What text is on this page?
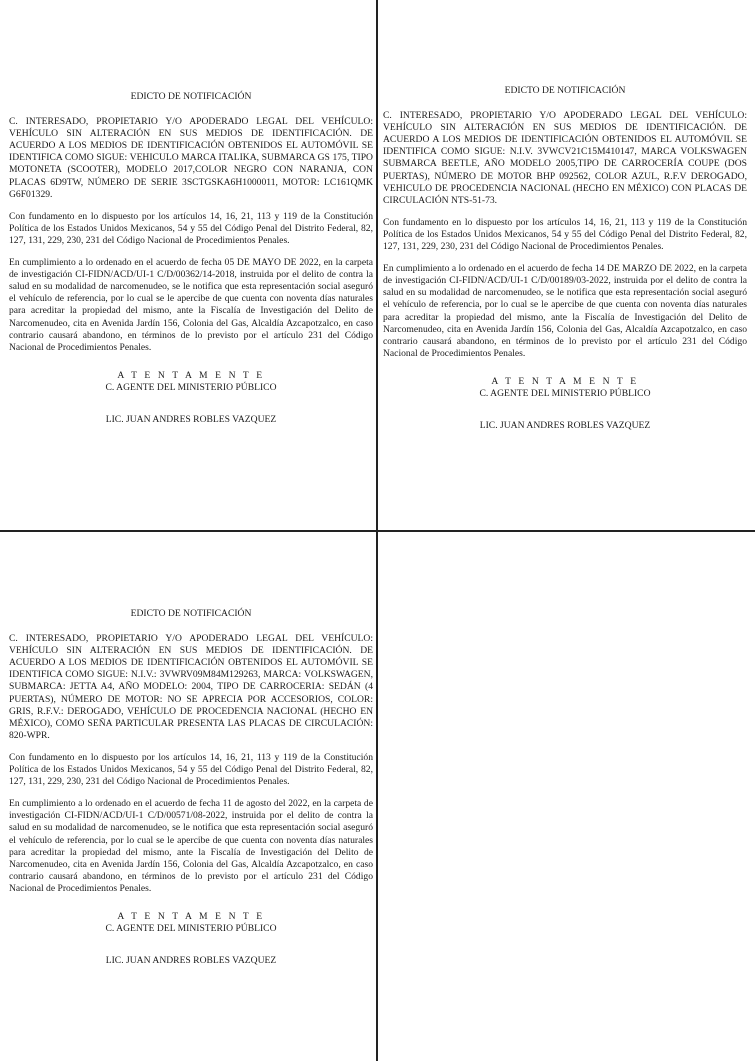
EDICTO DE NOTIFICACIÓN

C. INTERESADO, PROPIETARIO Y/O APODERADO LEGAL DEL VEHÍCULO: VEHÍCULO SIN ALTERACIÓN EN SUS MEDIOS DE IDENTIFICACIÓN. DE ACUERDO A LOS MEDIOS DE IDENTIFICACIÓN OBTENIDOS EL AUTOMÓVIL SE IDENTIFICA COMO SIGUE: VEHICULO MARCA ITALIKA, SUBMARCA GS 175, TIPO MOTONETA (SCOOTER), MODELO 2017,COLOR NEGRO CON NARANJA, CON PLACAS 6D9TW, NÚMERO DE SERIE 3SCTGSKA6H1000011, MOTOR: LC161QMK G6F01329.

Con fundamento en lo dispuesto por los artículos 14, 16, 21, 113 y 119 de la Constitución Política de los Estados Unidos Mexicanos, 54 y 55 del Código Penal del Distrito Federal, 82, 127, 131, 229, 230, 231 del Código Nacional de Procedimientos Penales.

En cumplimiento a lo ordenado en el acuerdo de fecha 05 DE MAYO DE 2022, en la carpeta de investigación CI-FIDN/ACD/UI-1 C/D/00362/14-2018, instruida por el delito de contra la salud en su modalidad de narcomenudeo, se le notifica que esta representación social aseguró el vehículo de referencia, por lo cual se le apercibe de que cuenta con noventa días naturales para acreditar la propiedad del mismo, ante la Fiscalía de Investigación del Delito de Narcomenudeo, cita en Avenida Jardín 156, Colonia del Gas, Alcaldía Azcapotzalco, en caso contrario causará abandono, en términos de lo previsto por el artículo 231 del Código Nacional de Procedimientos Penales.

A T E N T A M E N T E
C. AGENTE DEL MINISTERIO PÚBLICO
LIC. JUAN ANDRES ROBLES VAZQUEZ
EDICTO DE NOTIFICACIÓN

C. INTERESADO, PROPIETARIO Y/O APODERADO LEGAL DEL VEHÍCULO: VEHÍCULO SIN ALTERACIÓN EN SUS MEDIOS DE IDENTIFICACIÓN. DE ACUERDO A LOS MEDIOS DE IDENTIFICACIÓN OBTENIDOS EL AUTOMÓVIL SE IDENTIFICA COMO SIGUE: N.I.V. 3VWCV21C15M410147, MARCA VOLKSWAGEN SUBMARCA BEETLE, AÑO MODELO 2005,TIPO DE CARROCERÍA COUPE (DOS PUERTAS), NÚMERO DE MOTOR BHP 092562, COLOR AZUL, R.F.V DEROGADO, VEHICULO DE PROCEDENCIA NACIONAL (HECHO EN MÉXICO) CON PLACAS DE CIRCULACIÓN NTS-51-73.

Con fundamento en lo dispuesto por los artículos 14, 16, 21, 113 y 119 de la Constitución Política de los Estados Unidos Mexicanos, 54 y 55 del Código Penal del Distrito Federal, 82, 127, 131, 229, 230, 231 del Código Nacional de Procedimientos Penales.

En cumplimiento a lo ordenado en el acuerdo de fecha 14 DE MARZO DE 2022, en la carpeta de investigación CI-FIDN/ACD/UI-1 C/D/00189/03-2022, instruida por el delito de contra la salud en su modalidad de narcomenudeo, se le notifica que esta representación social aseguró el vehículo de referencia, por lo cual se le apercibe de que cuenta con noventa días naturales para acreditar la propiedad del mismo, ante la Fiscalía de Investigación del Delito de Narcomenudeo, cita en Avenida Jardín 156, Colonia del Gas, Alcaldía Azcapotzalco, en caso contrario causará abandono, en términos de lo previsto por el artículo 231 del Código Nacional de Procedimientos Penales.

A T E N T A M E N T E
C. AGENTE DEL MINISTERIO PÚBLICO
LIC. JUAN ANDRES ROBLES VAZQUEZ
EDICTO DE NOTIFICACIÓN

C. INTERESADO, PROPIETARIO Y/O APODERADO LEGAL DEL VEHÍCULO: VEHÍCULO SIN ALTERACIÓN EN SUS MEDIOS DE IDENTIFICACIÓN. DE ACUERDO A LOS MEDIOS DE IDENTIFICACIÓN OBTENIDOS EL AUTOMÓVIL SE IDENTIFICA COMO SIGUE: N.I.V.: 3VWRV09M84M129263, MARCA: VOLKSWAGEN, SUBMARCA: JETTA A4, AÑO MODELO: 2004, TIPO DE CARROCERIA: SEDÁN (4 PUERTAS), NÚMERO DE MOTOR: NO SE APRECIA POR ACCESORIOS, COLOR: GRIS, R.F.V.: DEROGADO, VEHÍCULO DE PROCEDENCIA NACIONAL (HECHO EN MÉXICO), COMO SEÑA PARTICULAR PRESENTA LAS PLACAS DE CIRCULACIÓN: 820-WPR.

Con fundamento en lo dispuesto por los artículos 14, 16, 21, 113 y 119 de la Constitución Política de los Estados Unidos Mexicanos, 54 y 55 del Código Penal del Distrito Federal, 82, 127, 131, 229, 230, 231 del Código Nacional de Procedimientos Penales.

En cumplimiento a lo ordenado en el acuerdo de fecha 11 de agosto del 2022, en la carpeta de investigación CI-FIDN/ACD/UI-1 C/D/00571/08-2022, instruida por el delito de contra la salud en su modalidad de narcomenudeo, se le notifica que esta representación social aseguró el vehículo de referencia, por lo cual se le apercibe de que cuenta con noventa días naturales para acreditar la propiedad del mismo, ante la Fiscalía de Investigación del Delito de Narcomenudeo, cita en Avenida Jardín 156, Colonia del Gas, Alcaldía Azcapotzalco, en caso contrario causará abandono, en términos de lo previsto por el artículo 231 del Código Nacional de Procedimientos Penales.

A T E N T A M E N T E
C. AGENTE DEL MINISTERIO PÚBLICO
LIC. JUAN ANDRES ROBLES VAZQUEZ
